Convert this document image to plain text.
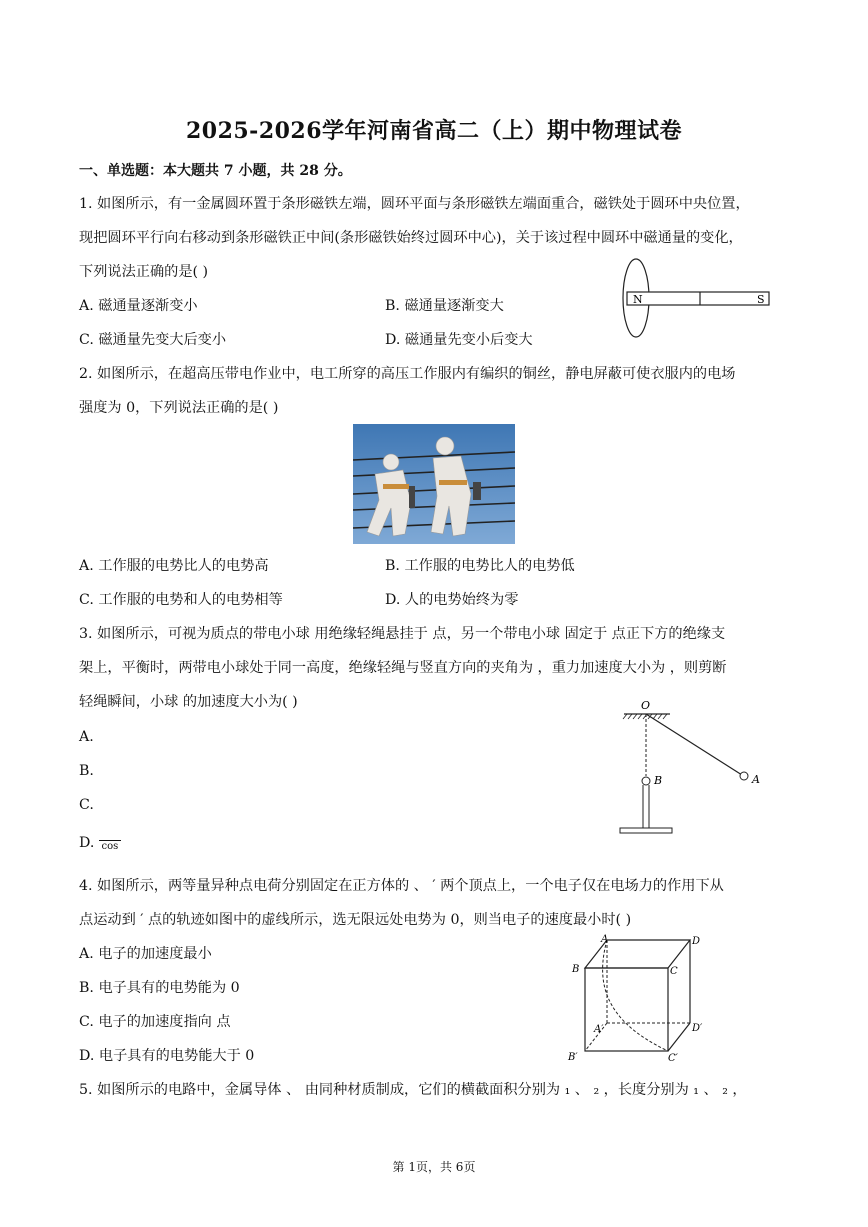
2025-2026学年河南省高二（上）期中物理试卷
一、单选题：本大题共 7 小题，共 28 分。
1. 如图所示，有一金属圆环置于条形磁铁左端，圆环平面与条形磁铁左端面重合，磁铁处于圆环中央位置，
现把圆环平行向右移动到条形磁铁正中间(条形磁铁始终过圆环中心)，关于该过程中圆环中磁通量的变化，
下列说法正确的是( )
A. 磁通量逐渐变小	B. 磁通量逐渐变大
C. 磁通量先变大后变小	D. 磁通量先变小后变大
N	S
2. 如图所示，在超高压带电作业中，电工所穿的高压工作服内有编织的铜丝，静电屏蔽可使衣服内的电场
强度为 0，下列说法正确的是( )
A. 工作服的电势比人的电势高	B. 工作服的电势比人的电势低
C. 工作服的电势和人的电势相等	D. 人的电势始终为零
3. 如图所示，可视为质点的带电小球 用绝缘轻绳悬挂于 点，另一个带电小球 固定于 点正下方的绝缘支
架上，平衡时，两带电小球处于同一高度，绝缘轻绳与竖直方向的夹角为 ，重力加速度大小为 ，则剪断
轻绳瞬间，小球 的加速度大小为( )
A.
B.
C.
D. cos
O
A
B
4. 如图所示，两等量异种点电荷分别固定在正方体的 、 ′ 两个顶点上，一个电子仅在电场力的作用下从
点运动到 ′ 点的轨迹如图中的虚线所示，选无限远处电势为 0，则当电子的速度最小时( )
A. 电子的加速度最小
B. 电子具有的电势能为 0
C. 电子的加速度指向 点
D. 电子具有的电势能大于 0
A	D
B	C
A′	D′
B′	C′
5. 如图所示的电路中，金属导体 、 由同种材质制成，它们的横截面积分别为 ₁ 、 ₂ ，长度分别为 ₁ 、 ₂ ，
第 1页，共 6页
